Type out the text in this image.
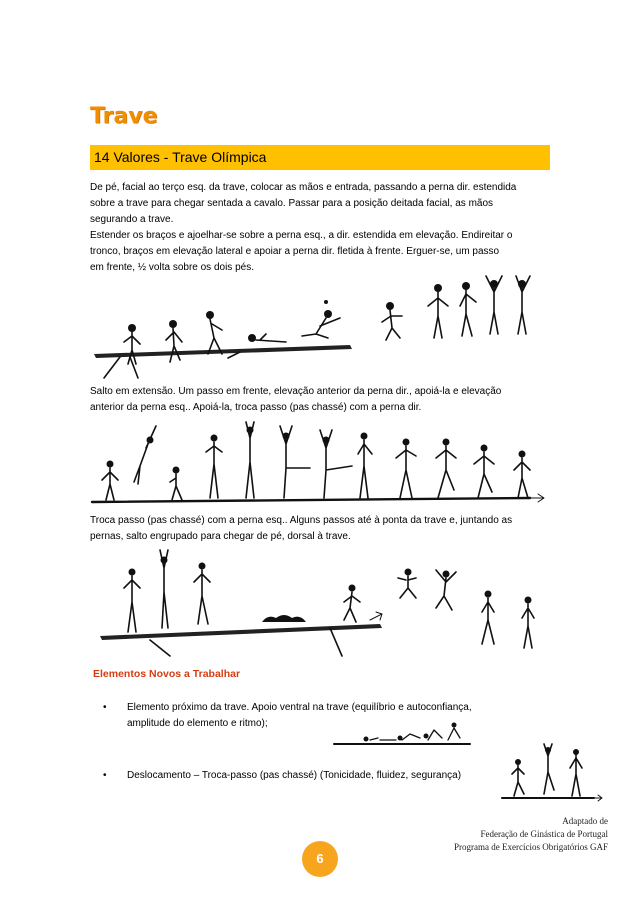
Trave
14 Valores - Trave Olímpica

De pé, facial ao terço esq. da trave, colocar as mãos e entrada, passando a perna dir. estendida

sobre a trave para chegar sentada a cavalo. Passar para a posição deitada facial, as mãos

segurando a trave.

Estender os braços e ajoelhar-se sobre a perna esq., a dir. estendida em elevação. Endireitar o

tronco, braços em elevação lateral e apoiar a perna dir. fletida à frente. Erguer-se, um passo

em frente, ½ volta sobre os dois pés.

Salto em extensão. Um passo em frente, elevação anterior da perna dir., apoiá-la e elevação

anterior da perna esq.. Apoiá-la, troca passo (pas chassé) com a perna dir.

Troca passo (pas chassé) com a perna esq.. Alguns passos até à ponta da trave e, juntando as

pernas, salto engrupado para chegar de pé, dorsal à trave.

Elementos Novos a Trabalhar
• Elemento próximo da trave. Apoio ventral na trave (equilíbrio e autoconfiança,
amplitude do elemento e ritmo);
• Deslocamento – Troca-passo (pas chassé) (Tonicidade, fluidez, segurança)
Adaptado de
Federação de Ginástica de Portugal
Programa de Exercícios Obrigatórios GAF
6
